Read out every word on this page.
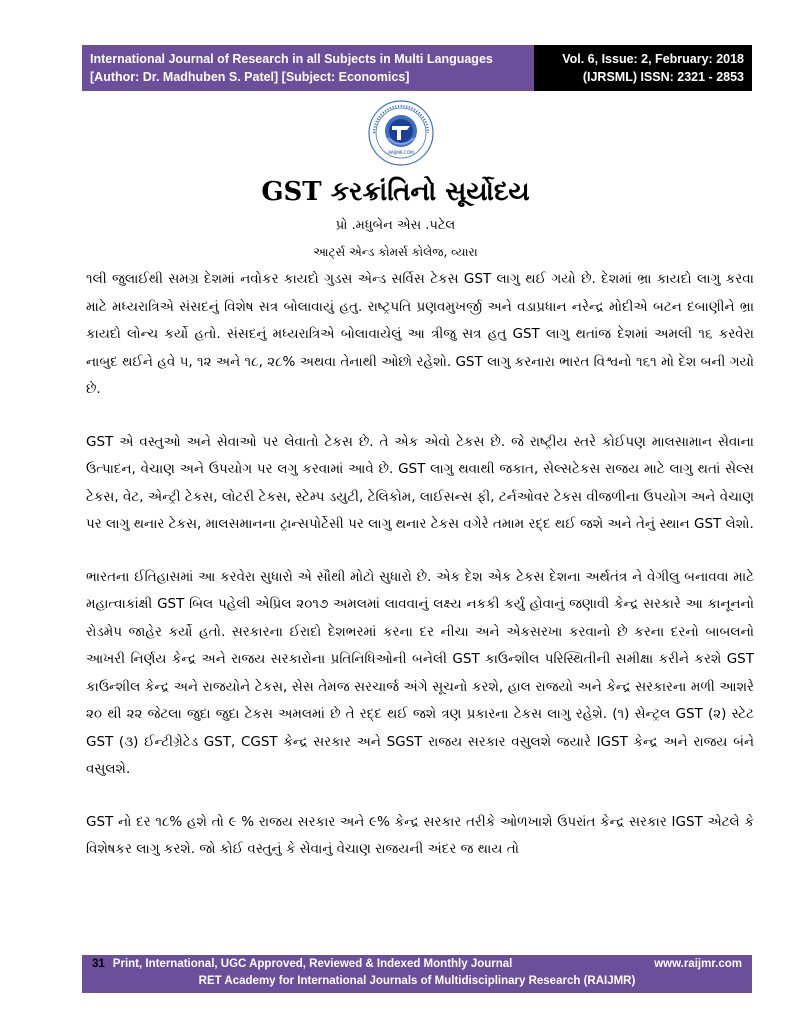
International Journal of Research in all Subjects in Multi Languages
[Author: Dr. Madhuben S. Patel] [Subject: Economics]
Vol. 6, Issue: 2, February: 2018
(IJRSML) ISSN: 2321 - 2853
RAIJMR.COM
GST કરક્રાંતિનો સૂર્યોદય
પ્રો .મધુબેન એસ .પટેલ
આર્ટ્સ એન્ડ કોમર્સ કોલેજ, વ્યારા

૧લી જુલાઈથી સમગ્ર દેશમાં નવોકર કાયદો ગુડસ એન્ડ સર્વિસ ટેકસ GST લાગુ થઈ ગયો છે. દેશમાં ભ્રા કાયદો લાગુ કરવા માટે મધ્યરાત્રિએ સંસદનું વિશેષ સત્ર બોલાવાયું હતુ. રાષ્ટ્રપતિ પ્રણવમુખર્જી અને વડાપ્રધાન નરેન્દ્ર મોદીએ બટન દબાણીને ભ્રા કાયદો લોન્ચ કર્યો હતો. સંસદનું મધ્યરાત્રિએ બોલાવાયેલું આ ત્રીજુ સત્ર હતુ GST લાગુ થતાંજ દેશમાં અમલી ૧૬ કરવેરા નાબુદ થઈને હવે ૫, ૧૨ અને ૧૮, ૨૮% અથવા તેનાથી ઓછો રહેશો. GST લાગુ કરનારા ભારત વિશ્વનો ૧૬૧ મો દેશ બની ગયો છે.

GST એ વસ્તુઓ અને સેવાઓ પર લેવાતો ટેકસ છે. તે એક એવો ટેકસ છે. જે રાષ્ટ્રીય સ્તરે કોઈપણ માલસામાન સેવાના ઉત્પાદન, વેચાણ અને ઉપયોગ પર લગુ કરવામાં આવે છે. GST લાગુ થવાથી જકાત, સેલ્સટેકસ રાજય માટે લાગુ થતાં સેલ્સ ટેકસ, વેટ, એન્ટ્રી ટેકસ, લોટરી ટેકસ, સ્ટેમ્પ ડયુટી, ટેલિકોમ, લાઈસન્સ ફી, ટર્નઓવર ટેકસ વીજળીના ઉપયોગ અને વેચાણ પર લાગુ થનાર ટેકસ, માલસમાનના ટ્રાન્સપોર્ટેસી પર લાગુ થનાર ટેકસ વગેરે તમામ રદ્દ થઈ જશે અને તેનું સ્થાન GST લેશો.

ભારતના ઈતિહાસમાં આ કરવેરા સુધારો એ સૌથી મોટો સુધારો છે. એક દેશ એક ટેકસ દેશના અર્થતંત્ર ને વેગીલુ બનાવવા માટે મહાત્વાકાંક્ષી GST બિલ પહેલી એપ્રિલ ૨૦૧૭ અમલમાં લાવવાનું લક્ષ્ય નકકી કર્યું હોવાનું જણાવી કેન્દ્ર સરકારે આ કાનૂનનો રોડમેપ જાહેર કર્યો હતો. સરકારના ઈરાદો દેશભરમાં કરના દર નીચા અને એકસરખા કરવાનો છે કરના દરનો બાબલનો આખરી નિર્ણય કેન્દ્ર અને રાજય સરકારોના પ્રતિનિધિઓની બનેલી GST કાઉન્શીલ પરિસ્થિતીની સમીક્ષા કરીને કરશે GST કાઉન્શીલ કેન્દ્ર અને રાજયોને ટેકસ, સેસ તેમજ સરચાર્જ અંગે સૂચનો કરશે, હાલ રાજયો અને કેન્દ્ર સરકારના મળી આશરે ૨૦ થી ૨૨ જેટલા જુદા જુદા ટેકસ અમલમાં છે તે રદ્દ થઈ જશે ત્રણ પ્રકારના ટેકસ લાગુ રહેશે. (૧) સેન્ટ્રલ GST (૨) સ્ટેટ GST (૩) ઈન્ટીગ્રેટેડ GST, CGST કેન્દ્ર સરકાર અને SGST રાજય સરકાર વસુલશે જયારે IGST કેન્દ્ર અને રાજય બંને વસુલશે.

GST નો દર ૧૮% હશે તો ૯ % રાજય સરકાર અને ૯% કેન્દ્ર સરકાર તરીકે ઓળખાશે ઉપરાંત કેન્દ્ર સરકાર IGST એટલે કે વિશેષકર લાગુ કરશે. જો કોઈ વસ્તુનું કે સેવાનું વેચાણ રાજયની અંદર જ થાય તો

31 Print, International, UGC Approved, Reviewed & Indexed Monthly Journal	www.raijmr.com
RET Academy for International Journals of Multidisciplinary Research (RAIJMR)
